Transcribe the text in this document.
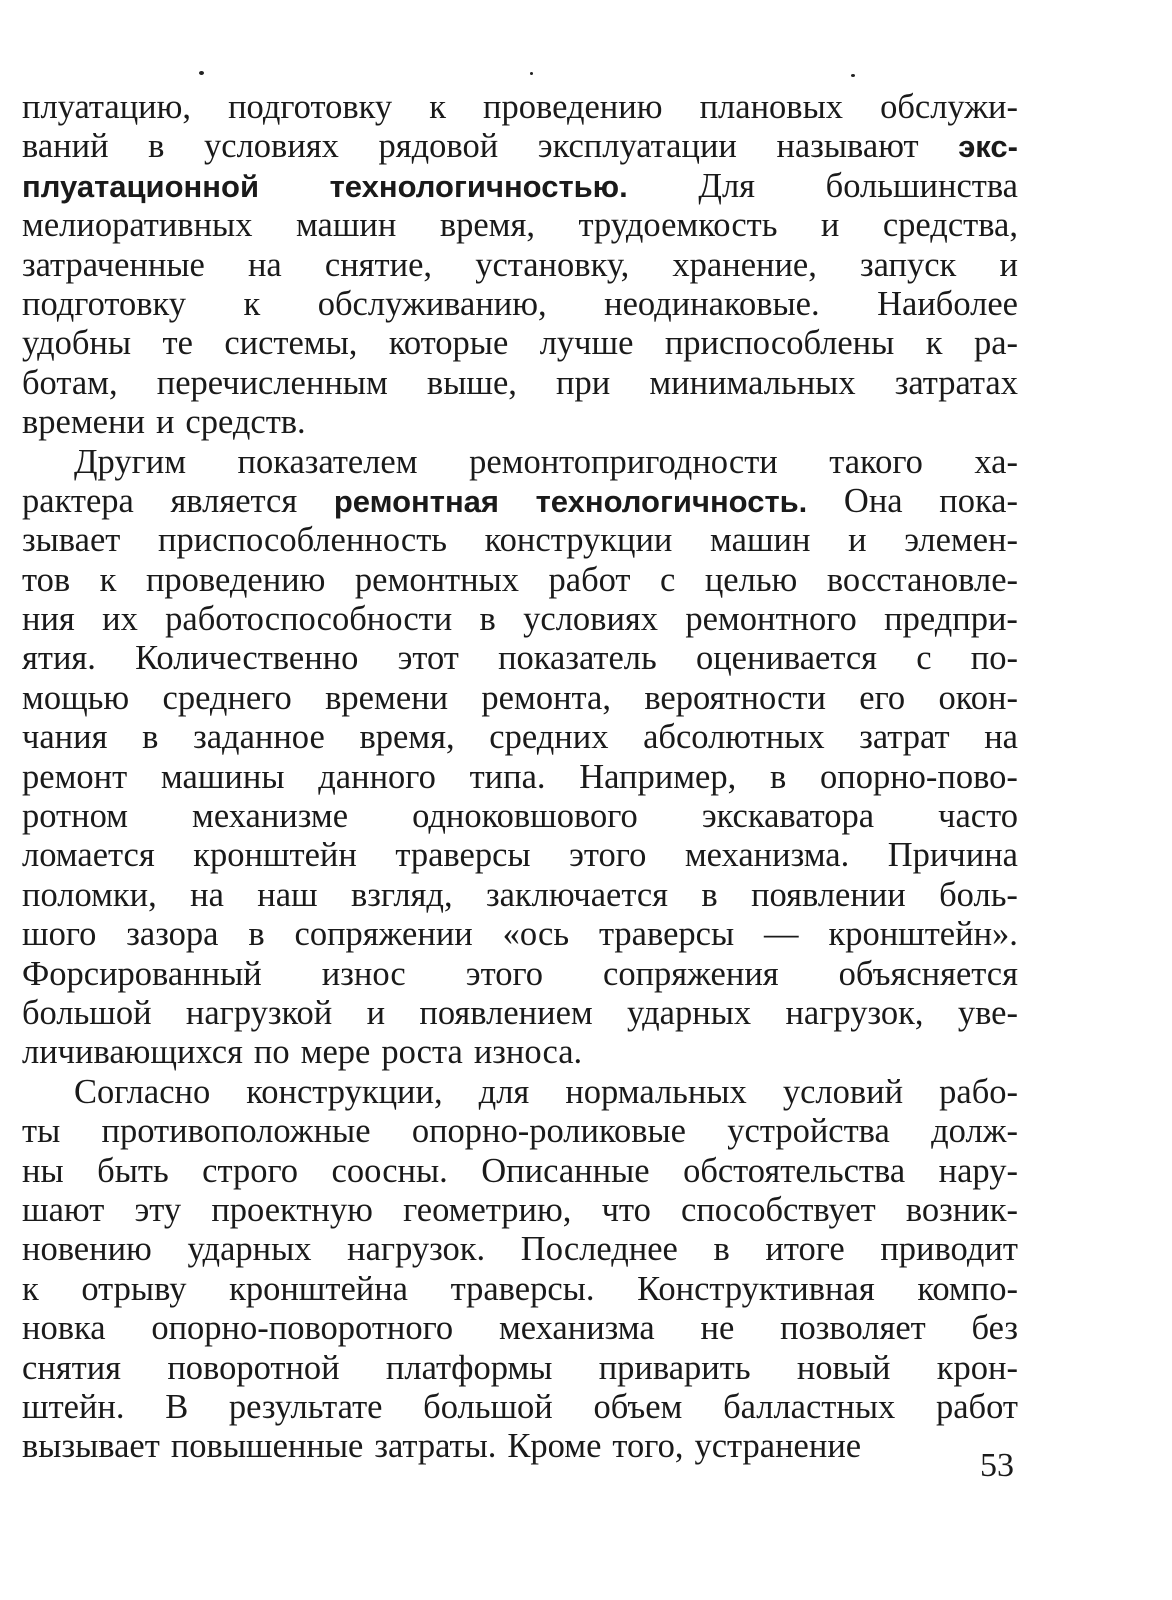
плуатацию, подготовку к проведению плановых обслужи-
ваний в условиях рядовой эксплуатации называют экс-
плуатационной технологичностью. Для большинства
мелиоративных машин время, трудоемкость и средства,
затраченные на снятие, установку, хранение, запуск и
подготовку к обслуживанию, неодинаковые. Наиболее
удобны те системы, которые лучше приспособлены к ра-
ботам, перечисленным выше, при минимальных затратах
времени и средств.
Другим показателем ремонтопригодности такого ха-
рактера является ремонтная технологичность. Она пока-
зывает приспособленность конструкции машин и элемен-
тов к проведению ремонтных работ с целью восстановле-
ния их работоспособности в условиях ремонтного предпри-
ятия. Количественно этот показатель оценивается с по-
мощью среднего времени ремонта, вероятности его окон-
чания в заданное время, средних абсолютных затрат на
ремонт машины данного типа. Например, в опорно-пово-
ротном механизме одноковшового экскаватора часто
ломается кронштейн траверсы этого механизма. Причина
поломки, на наш взгляд, заключается в появлении боль-
шого зазора в сопряжении «ось траверсы — кронштейн».
Форсированный износ этого сопряжения объясняется
большой нагрузкой и появлением ударных нагрузок, уве-
личивающихся по мере роста износа.
Согласно конструкции, для нормальных условий рабо-
ты противоположные опорно-роликовые устройства долж-
ны быть строго соосны. Описанные обстоятельства нару-
шают эту проектную геометрию, что способствует возник-
новению ударных нагрузок. Последнее в итоге приводит
к отрыву кронштейна траверсы. Конструктивная компо-
новка опорно-поворотного механизма не позволяет без
снятия поворотной платформы приварить новый крон-
штейн. В результате большой объем балластных работ
вызывает повышенные затраты. Кроме того, устранение
53
